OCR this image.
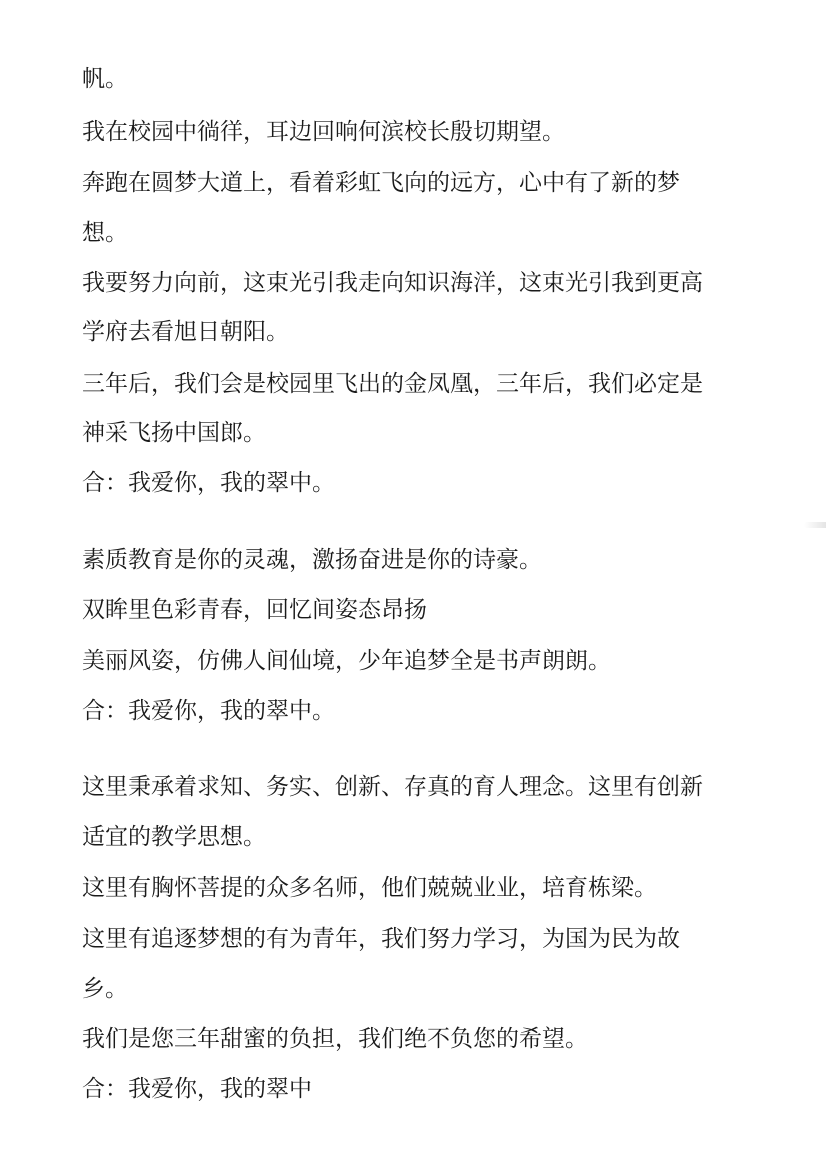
帆。
我在校园中徜徉，耳边回响何滨校长殷切期望。
奔跑在圆梦大道上，看着彩虹飞向的远方，心中有了新的梦
想。
我要努力向前，这束光引我走向知识海洋，这束光引我到更高
学府去看旭日朝阳。
三年后，我们会是校园里飞出的金凤凰，三年后，我们必定是
神采飞扬中国郎。
合：我爱你，我的翠中。
素质教育是你的灵魂，激扬奋进是你的诗豪。
双眸里色彩青春，回忆间姿态昂扬
美丽风姿，仿佛人间仙境，少年追梦全是书声朗朗。
合：我爱你，我的翠中。
这里秉承着求知、务实、创新、存真的育人理念。这里有创新
适宜的教学思想。
这里有胸怀菩提的众多名师，他们兢兢业业，培育栋梁。
这里有追逐梦想的有为青年，我们努力学习，为国为民为故
乡。
我们是您三年甜蜜的负担，我们绝不负您的希望。
合：我爱你，我的翠中
